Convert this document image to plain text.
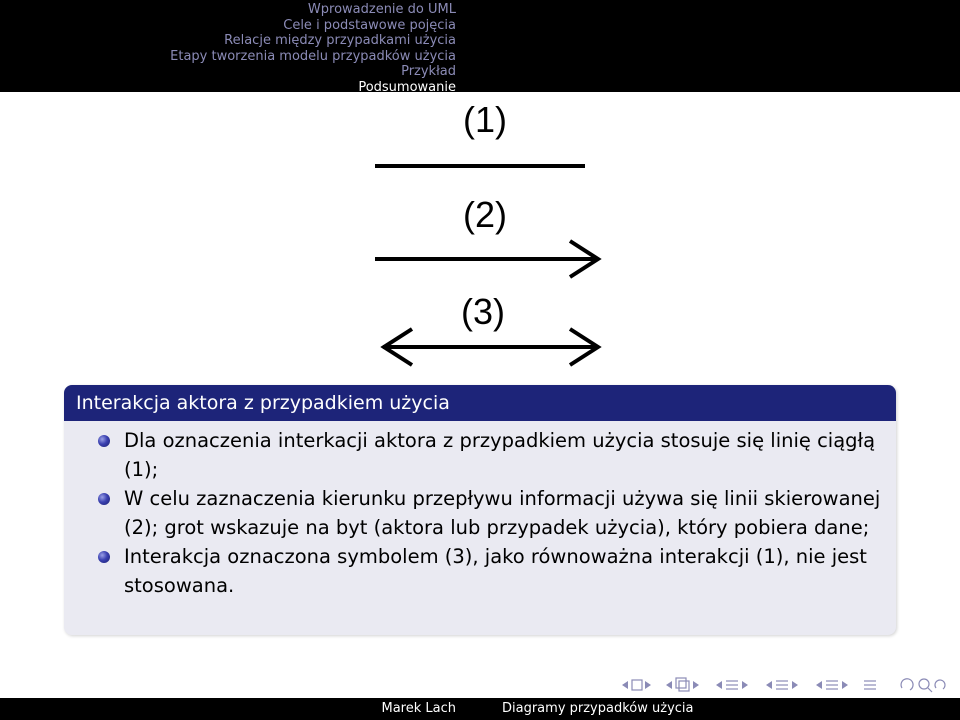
Wprowadzenie do UML
Cele i podstawowe pojęcia
Relacje między przypadkami użycia
Etapy tworzenia modelu przypadków użycia
Przykład
Podsumowanie
(1)
(2)
(3)
Interakcja aktora z przypadkiem użycia
Dla oznaczenia interkacji aktora z przypadkiem użycia stosuje się linię ciągłą (1);
W celu zaznaczenia kierunku przepływu informacji używa się linii skierowanej (2); grot wskazuje na byt (aktora lub przypadek użycia), który pobiera dane;
Interakcja oznaczona symbolem (3), jako równoważna interakcji (1), nie jest stosowana.
Marek Lach	Diagramy przypadków użycia
